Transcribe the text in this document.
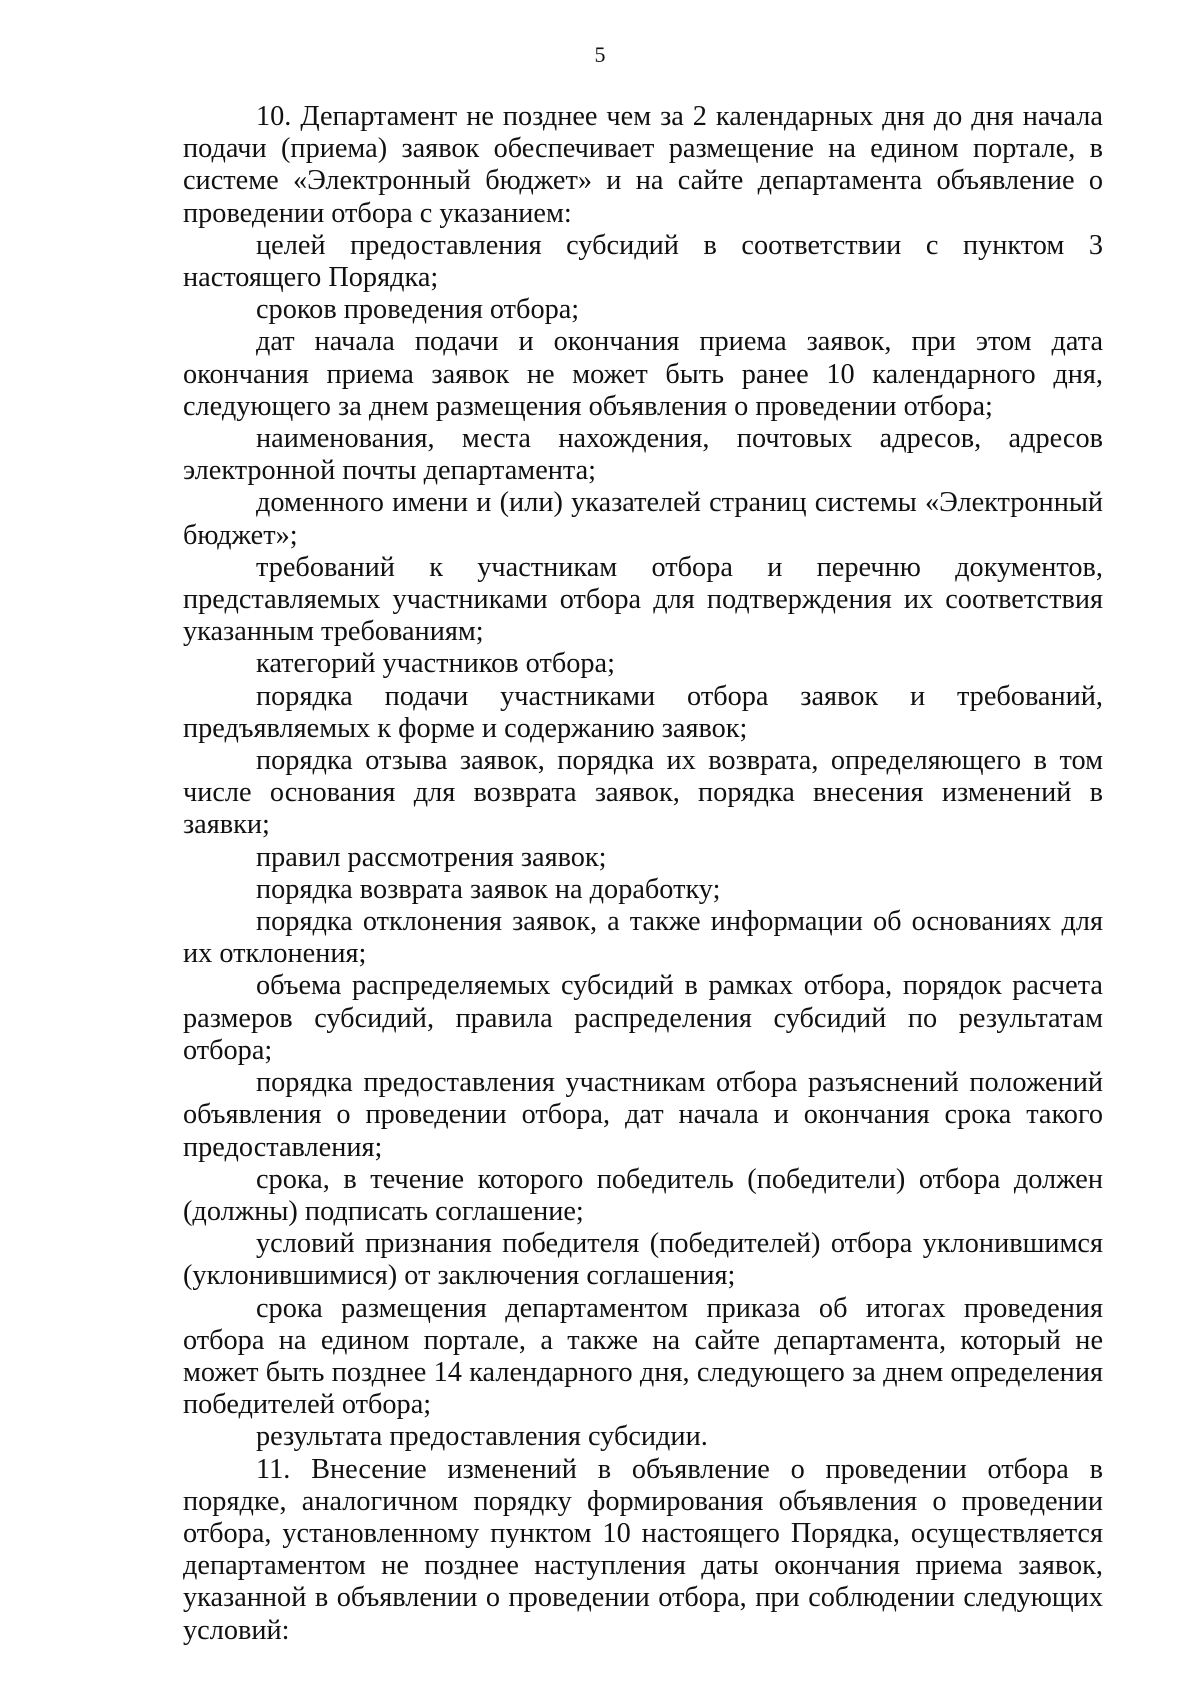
5

10. Департамент не позднее чем за 2 календарных дня до дня начала подачи (приема) заявок обеспечивает размещение на едином портале, в системе «Электронный бюджет» и на сайте департамента объявление о проведении отбора с указанием:

целей предоставления субсидий в соответствии с пунктом 3 настоящего Порядка;

сроков проведения отбора;

дат начала подачи и окончания приема заявок, при этом дата окончания приема заявок не может быть ранее 10 календарного дня, следующего за днем размещения объявления о проведении отбора;

наименования, места нахождения, почтовых адресов, адресов электронной почты департамента;

доменного имени и (или) указателей страниц системы «Электронный бюджет»;

требований к участникам отбора и перечню документов, представляемых участниками отбора для подтверждения их соответствия указанным требованиям;

категорий участников отбора;

порядка подачи участниками отбора заявок и требований, предъявляемых к форме и содержанию заявок;

порядка отзыва заявок, порядка их возврата, определяющего в том числе основания для возврата заявок, порядка внесения изменений в заявки;

правил рассмотрения заявок;

порядка возврата заявок на доработку;

порядка отклонения заявок, а также информации об основаниях для их отклонения;

объема распределяемых субсидий в рамках отбора, порядок расчета размеров субсидий, правила распределения субсидий по результатам отбора;

порядка предоставления участникам отбора разъяснений положений объявления о проведении отбора, дат начала и окончания срока такого предоставления;

срока, в течение которого победитель (победители) отбора должен (должны) подписать соглашение;

условий признания победителя (победителей) отбора уклонившимся (уклонившимися) от заключения соглашения;

срока размещения департаментом приказа об итогах проведения отбора на едином портале, а также на сайте департамента, который не может быть позднее 14 календарного дня, следующего за днем определения победителей отбора;

результата предоставления субсидии.

11. Внесение изменений в объявление о проведении отбора в порядке, аналогичном порядку формирования объявления о проведении отбора, установленному пунктом 10 настоящего Порядка, осуществляется департаментом не позднее наступления даты окончания приема заявок, указанной в объявлении о проведении отбора, при соблюдении следующих условий:
